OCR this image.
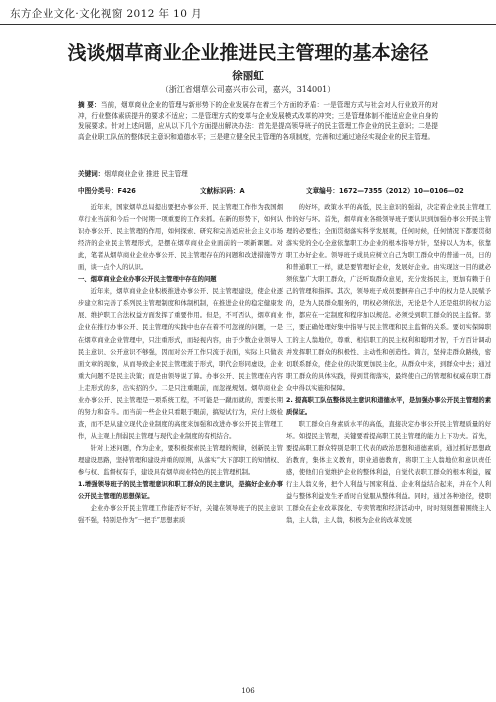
东方企业文化·文化视窗 2012 年 10 月
浅谈烟草商业企业推进民主管理的基本途径
徐丽虹
（浙江省烟草公司嘉兴市公司，嘉兴，314001）
摘 要：当前，烟草商业企业的管理与新形势下的企业发展存在着三个方面的矛盾：一是管理方式与社会对人行业放开的对冲，行业整体素质提升的要求不适应；二是管理方式的变革与企业发展模式改革的冲突；三是管理体制不能适应企业自身的发展要求。针对上述问题，应从以下几个方面提出解决办法：首先是提高领导班子的民主管理工作企业的民主意识；二是提高企业职工队伍的整体民主意识和道德水平；三是建立健全民主管理的各项制度，完善和过通过途径实现企业的民主管理。
关键词：烟草商业企业 推进 民主管理
中图分类号：F426	文献标识码：A	文章编号：1672—7355（2012）10—0106—02

近年来，国家烟草总局提出要把办事公开、民主管理工作作为我国烟草行业当前和今后一个时期一项重要的工作来抓。在新的形势下，如何认识办事公开、民主管理的作用，如何探索、研究和完善适应社会主义市场经济的企业民主管理形式，是摆在烟草商业企业面前的一项新课题。对此，笔者从烟草商业企业办事公开、民主管理存在的问题和改进措施等方面，谈一点个人的认识。

一、烟草商业企业办事公开民主管理中存在的问题

近年来，烟草商业企业积极推进办事公开、民主管理建设，使企业逐步建立和完善了系列民主管理制度和体制机制，在推进企业的稳定健康发展、维护职工合法权益方面发挥了重要作用。但是，不可否认，烟草商业企业在推行办事公开、民主管理的实践中也存在着不可忽视的问题，一是在烟草商业企业管理中，只注重形式，而轻视内容，由于少数企业领导人民主意识、公开意识不够强，因而对公开工作只流于表面，实际上只做表面文章的现象，从而导致企业民主管理流于形式，职代会形同虚设，企业重大问题不是民主决策；而是由领导说了算。办事公开、民主管理在内容上走形式的多，出实招的少。二是只注重眼前，而忽视规划。烟草商业企业办事公开、民主管理是一项系统工程，不可能是一蹴而就的，需要长期的努力和奋斗。而当前一些企业只看眼于眼前，搞短试行为，应付上级检查，而不是从建立现代企业制度的高度来加强和改进办事公开民主管理工作，从主观上削弱民主管理与现代企业制度的有机结合。

针对上述问题，作为企业，要积极探索民主管理的规律，创新民主管理建设思路，坚持管理和建设并重的原则，从落实“大下部职工的知情权、参与权、监督权有手，建设具有烟草商业特色的民主管理机制。

1.增强领导班子的民主管理意识和职工群众的民主意识，是搞好企业办事公开民主管理的思想保证。

企业办事公开民主管理工作能否好不好，关键在领导班子的民主意识强不强，特别是作为“一把手”思想素质

的好坏，政策水平的高低，民主意识的强弱，决定着企业民主管理工作的好与坏。首先，烟草商业各级领导班子要认识到加强办事公开民主管理的必要性；全面贯彻落实科学发展观，任何时候，任何情况下都要贯彻落实党的全心全意依靠职工办企业的根本指导方针，坚持以人为本，依靠职工办好企业。领导班子成员应树立自己为职工群众中的普通一员，日的和普通职工一样，就是要管理好企业，发展好企业。由实现这一目的就必须依靠广大职工群众，广泛听取群众意见，充分发扬民主，更加有赖于自己的管理和指挥。其次，领导班子成员要摒弃自己手中的权力是人民赋予的，是为人民群众服务的，明权必须依法，无论是个人还是组织的权力运作，都应在一定制度和程序加以规范。必须受到职工群众的民主监督。第三，要正确处理好集中指导与民主管理和民主监督的关系。要切实保障职工的主人翁地位，尊重、相信职工的民主权利和聪明才智，千方百计调动并发挥职工群众的积极性、主动性和创造性。简言，坚持走群众路线，密切联系群众，使企业的决策更加民主化，从群众中来，到群众中去；通过职工群众的具体实践，得到贯彻落实，最终使自己的管理和权威在职工群众中得以实施和保障。

2. 提高职工队伍整体民主意识和道德水平，是加强办事公开民主管理的素质保证。

职工群众自身素质水平的高低，直接决定办事公开民主管理质量的好坏。如提民主管理，关键要看提高职工民主管理的能力上下功夫。首先，要提高职工群众特别是职工代表的政治思想和道德素质，通过抓好思想政治教育，集体主义教育，职业道德教育，将职工主人翁地位和意识责任感，使他们自觉维护企业的整体利益，自觉代表职工群众的根本利益，履行主人翁义务，把个人利益与国家利益、企业利益结合起来，并在个人利益与整体利益发生矛盾时自觉服从整体利益。同时，通过各种途径，使职工群众在企业改革深化、专卖管理和经济活动中，时时刻刻想着围绕主人翁，主人翁，主人翁，积极为企业的改革发展

106
